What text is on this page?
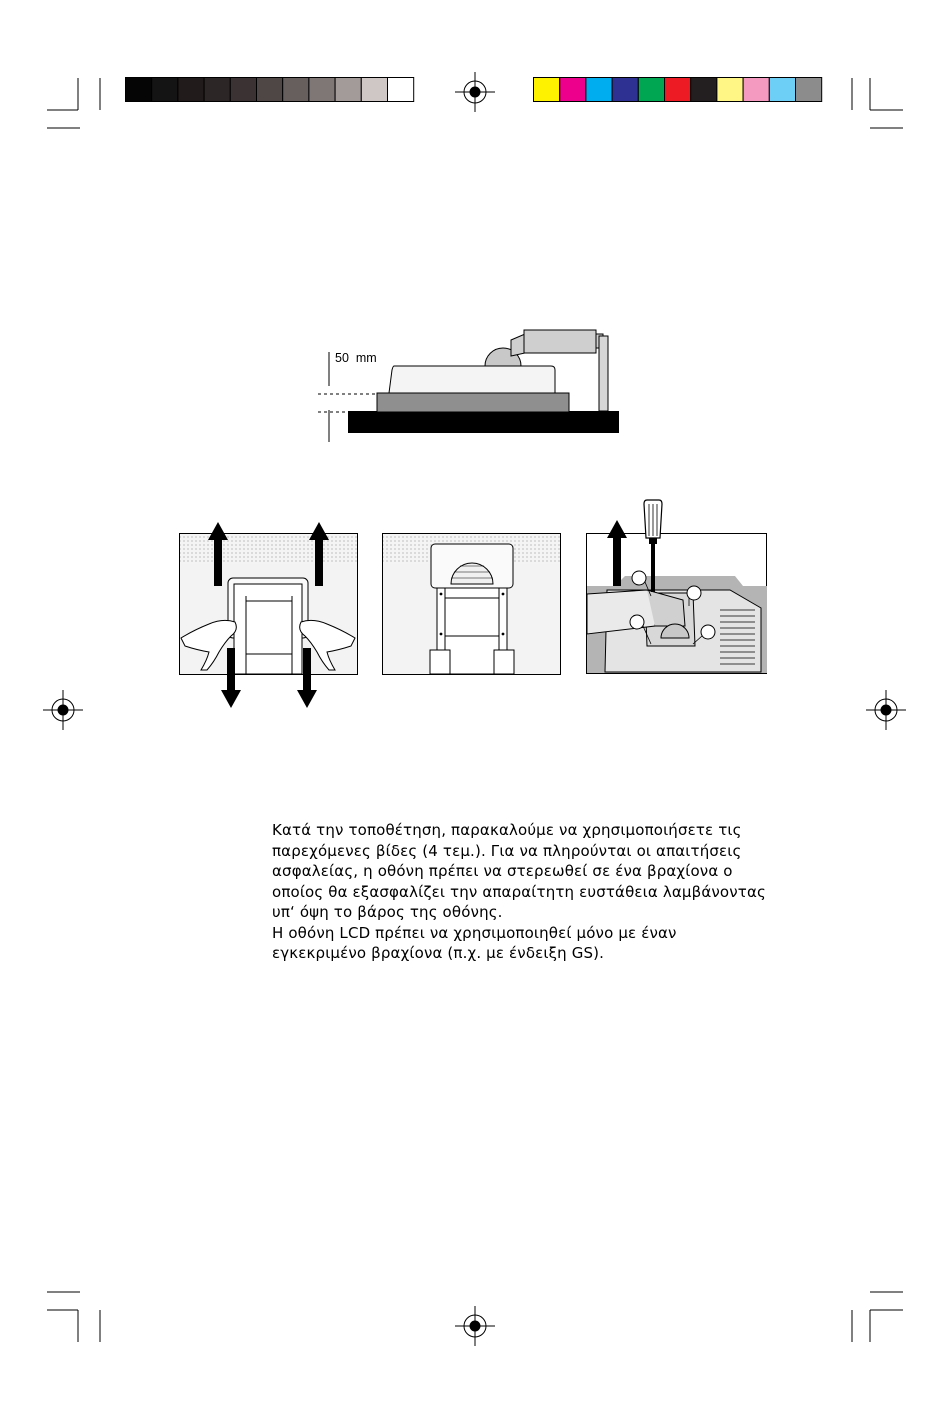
50  mm
Κατά την τοποθέτηση, παρακαλούμε να χρησιμοποιήσετε τις
παρεχόμενες βίδες (4 τεμ.). Για να πληρούνται οι απαιτήσεις
ασφαλείας, η οθόνη πρέπει να στερεωθεί σε ένα βραχίονα ο
οποίος θα εξασφαλίζει την απαραίτητη ευστάθεια λαμβάνοντας
υπ‘ όψη το βάρος της οθόνης.
Η οθόνη LCD πρέπει να χρησιμοποιηθεί μόνο με έναν
εγκεκριμένο βραχίονα (π.χ. με ένδειξη GS).
